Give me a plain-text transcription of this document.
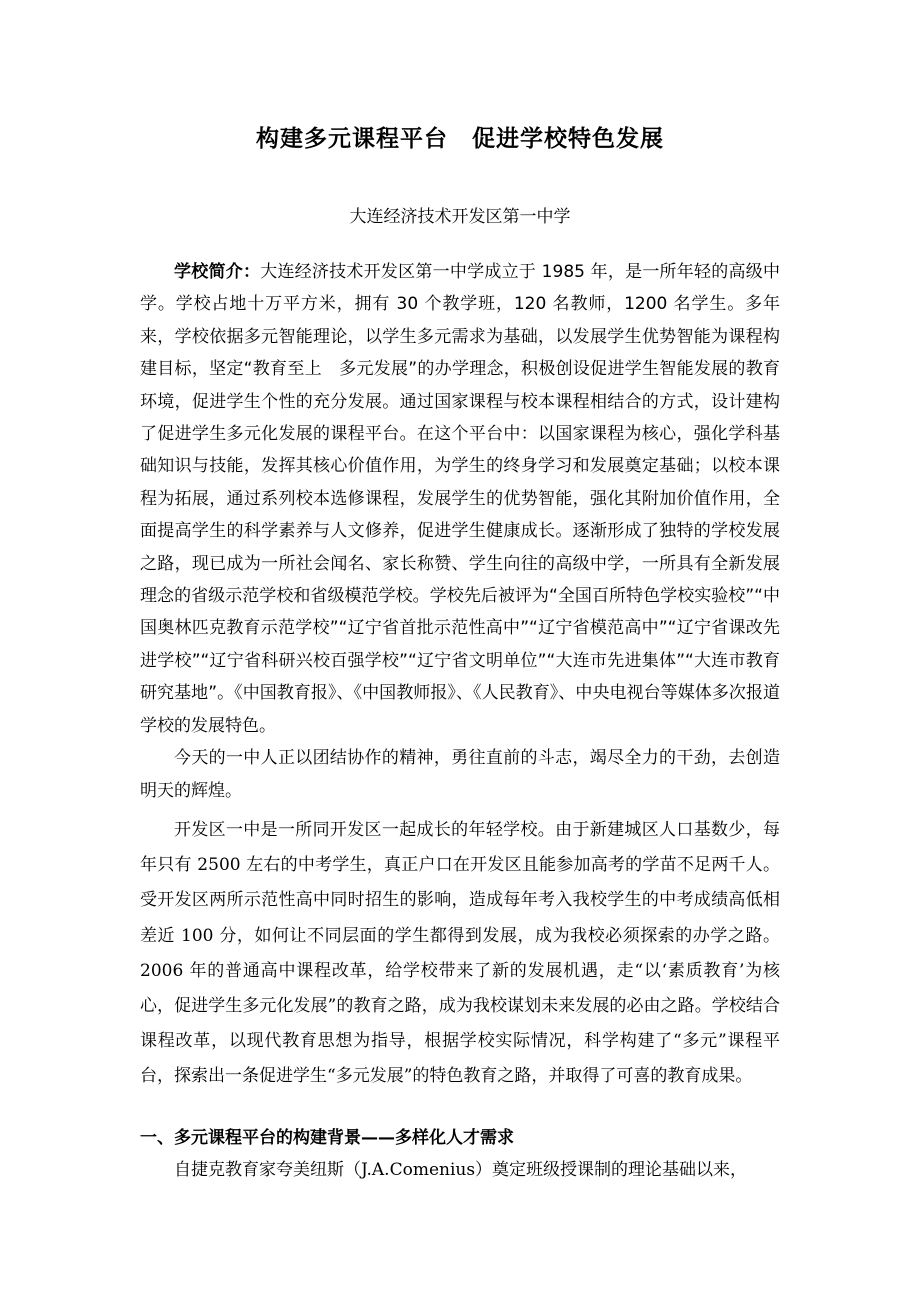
构建多元课程平台　促进学校特色发展
大连经济技术开发区第一中学

学校简介：大连经济技术开发区第一中学成立于 1985 年，是一所年轻的高级中学。学校占地十万平方米，拥有 30 个教学班，120 名教师，1200 名学生。多年来，学校依据多元智能理论，以学生多元需求为基础，以发展学生优势智能为课程构建目标，坚定“教育至上　多元发展”的办学理念，积极创设促进学生智能发展的教育环境，促进学生个性的充分发展。通过国家课程与校本课程相结合的方式，设计建构了促进学生多元化发展的课程平台。在这个平台中：以国家课程为核心，强化学科基础知识与技能，发挥其核心价值作用，为学生的终身学习和发展奠定基础；以校本课程为拓展，通过系列校本选修课程，发展学生的优势智能，强化其附加价值作用，全面提高学生的科学素养与人文修养，促进学生健康成长。逐渐形成了独特的学校发展之路，现已成为一所社会闻名、家长称赞、学生向往的高级中学，一所具有全新发展理念的省级示范学校和省级模范学校。学校先后被评为“全国百所特色学校实验校”“中国奥林匹克教育示范学校”“辽宁省首批示范性高中”“辽宁省模范高中”“辽宁省课改先进学校”“辽宁省科研兴校百强学校”“辽宁省文明单位”“大连市先进集体”“大连市教育研究基地”。《中国教育报》、《中国教师报》、《人民教育》、中央电视台等媒体多次报道学校的发展特色。

今天的一中人正以团结协作的精神，勇往直前的斗志，竭尽全力的干劲，去创造明天的辉煌。

开发区一中是一所同开发区一起成长的年轻学校。由于新建城区人口基数少，每年只有 2500 左右的中考学生，真正户口在开发区且能参加高考的学苗不足两千人。受开发区两所示范性高中同时招生的影响，造成每年考入我校学生的中考成绩高低相差近 100 分，如何让不同层面的学生都得到发展，成为我校必须探索的办学之路。2006 年的普通高中课程改革，给学校带来了新的发展机遇，走“以‘素质教育’为核心，促进学生多元化发展”的教育之路，成为我校谋划未来发展的必由之路。学校结合课程改革，以现代教育思想为指导，根据学校实际情况，科学构建了“多元”课程平台，探索出一条促进学生“多元发展”的特色教育之路，并取得了可喜的教育成果。

一、多元课程平台的构建背景——多样化人才需求

自捷克教育家夸美纽斯（J.A.Comenius）奠定班级授课制的理论基础以来，
